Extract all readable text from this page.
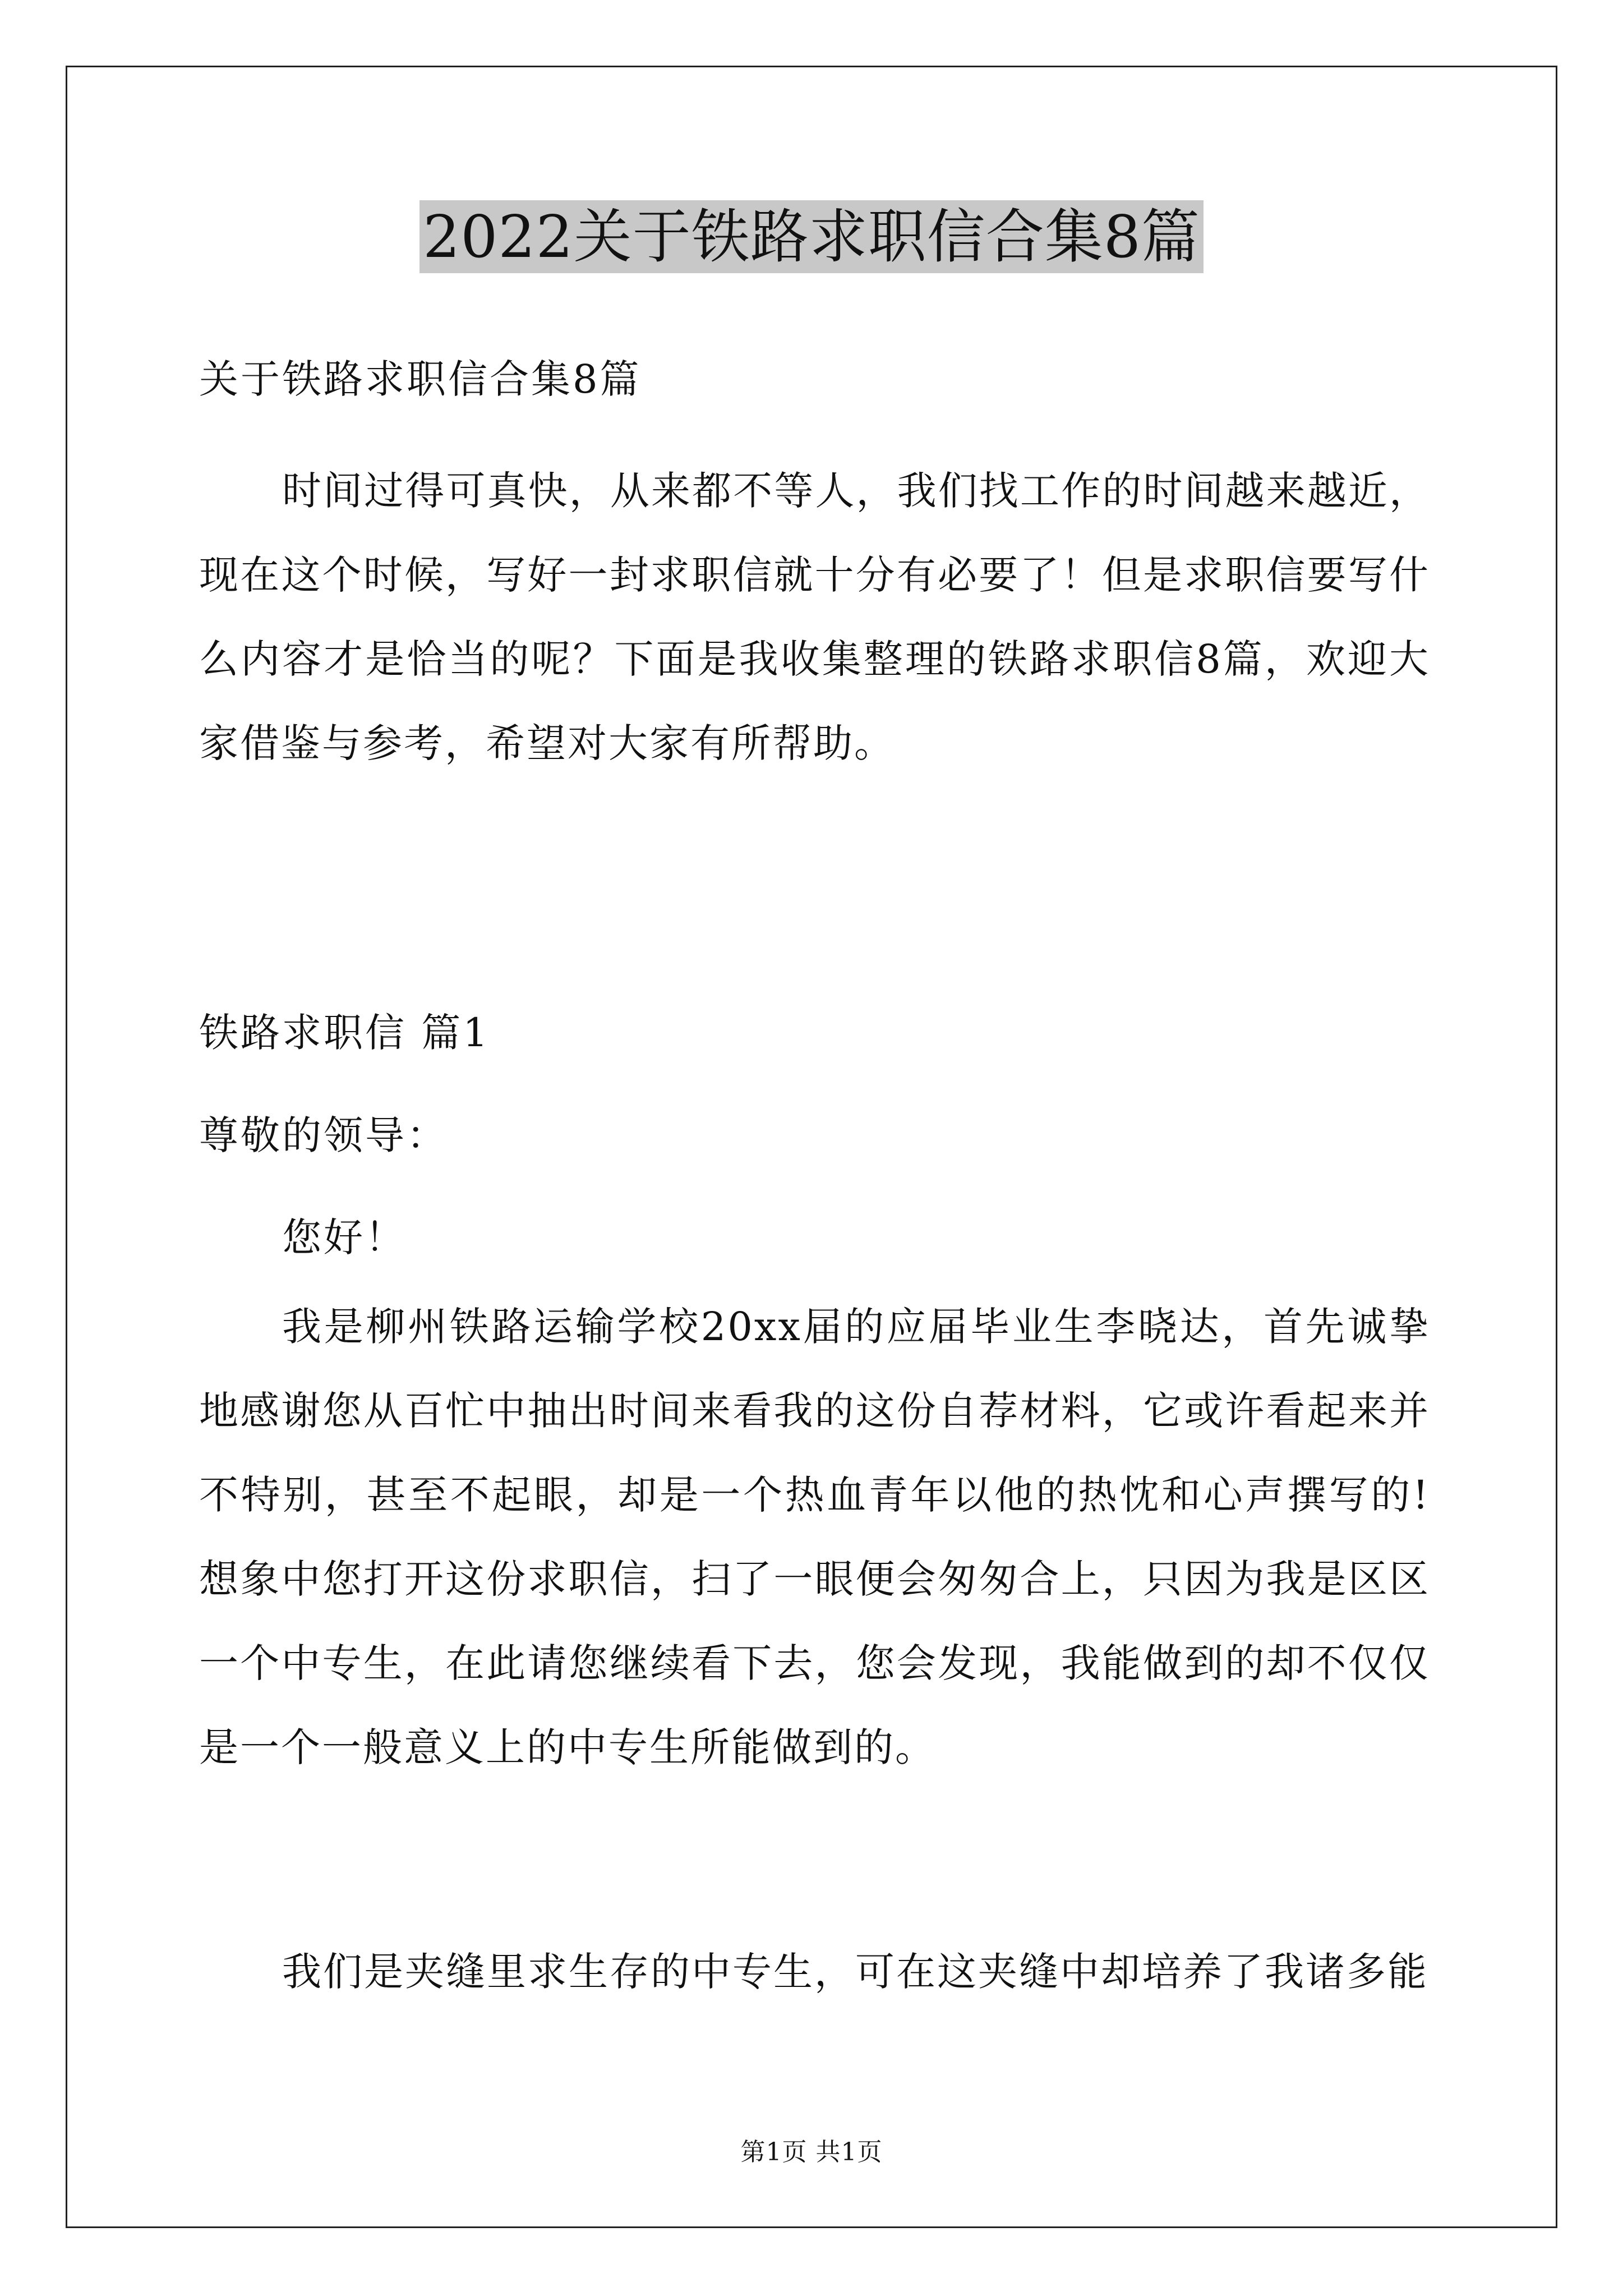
2022关于铁路求职信合集8篇
关于铁路求职信合集8篇
时间过得可真快，从来都不等人，我们找工作的时间越来越近，现在这个时候，写好一封求职信就十分有必要了！但是求职信要写什么内容才是恰当的呢？下面是我收集整理的铁路求职信8篇，欢迎大家借鉴与参考，希望对大家有所帮助。
铁路求职信 篇1
尊敬的领导：
您好！
我是柳州铁路运输学校20xx届的应届毕业生李晓达，首先诚挚地感谢您从百忙中抽出时间来看我的这份自荐材料，它或许看起来并不特别，甚至不起眼，却是一个热血青年以他的热忱和心声撰写的!想象中您打开这份求职信，扫了一眼便会匆匆合上，只因为我是区区一个中专生，在此请您继续看下去，您会发现，我能做到的却不仅仅是一个一般意义上的中专生所能做到的。
我们是夹缝里求生存的中专生，可在这夹缝中却培养了我诸多能
第1页 共1页
